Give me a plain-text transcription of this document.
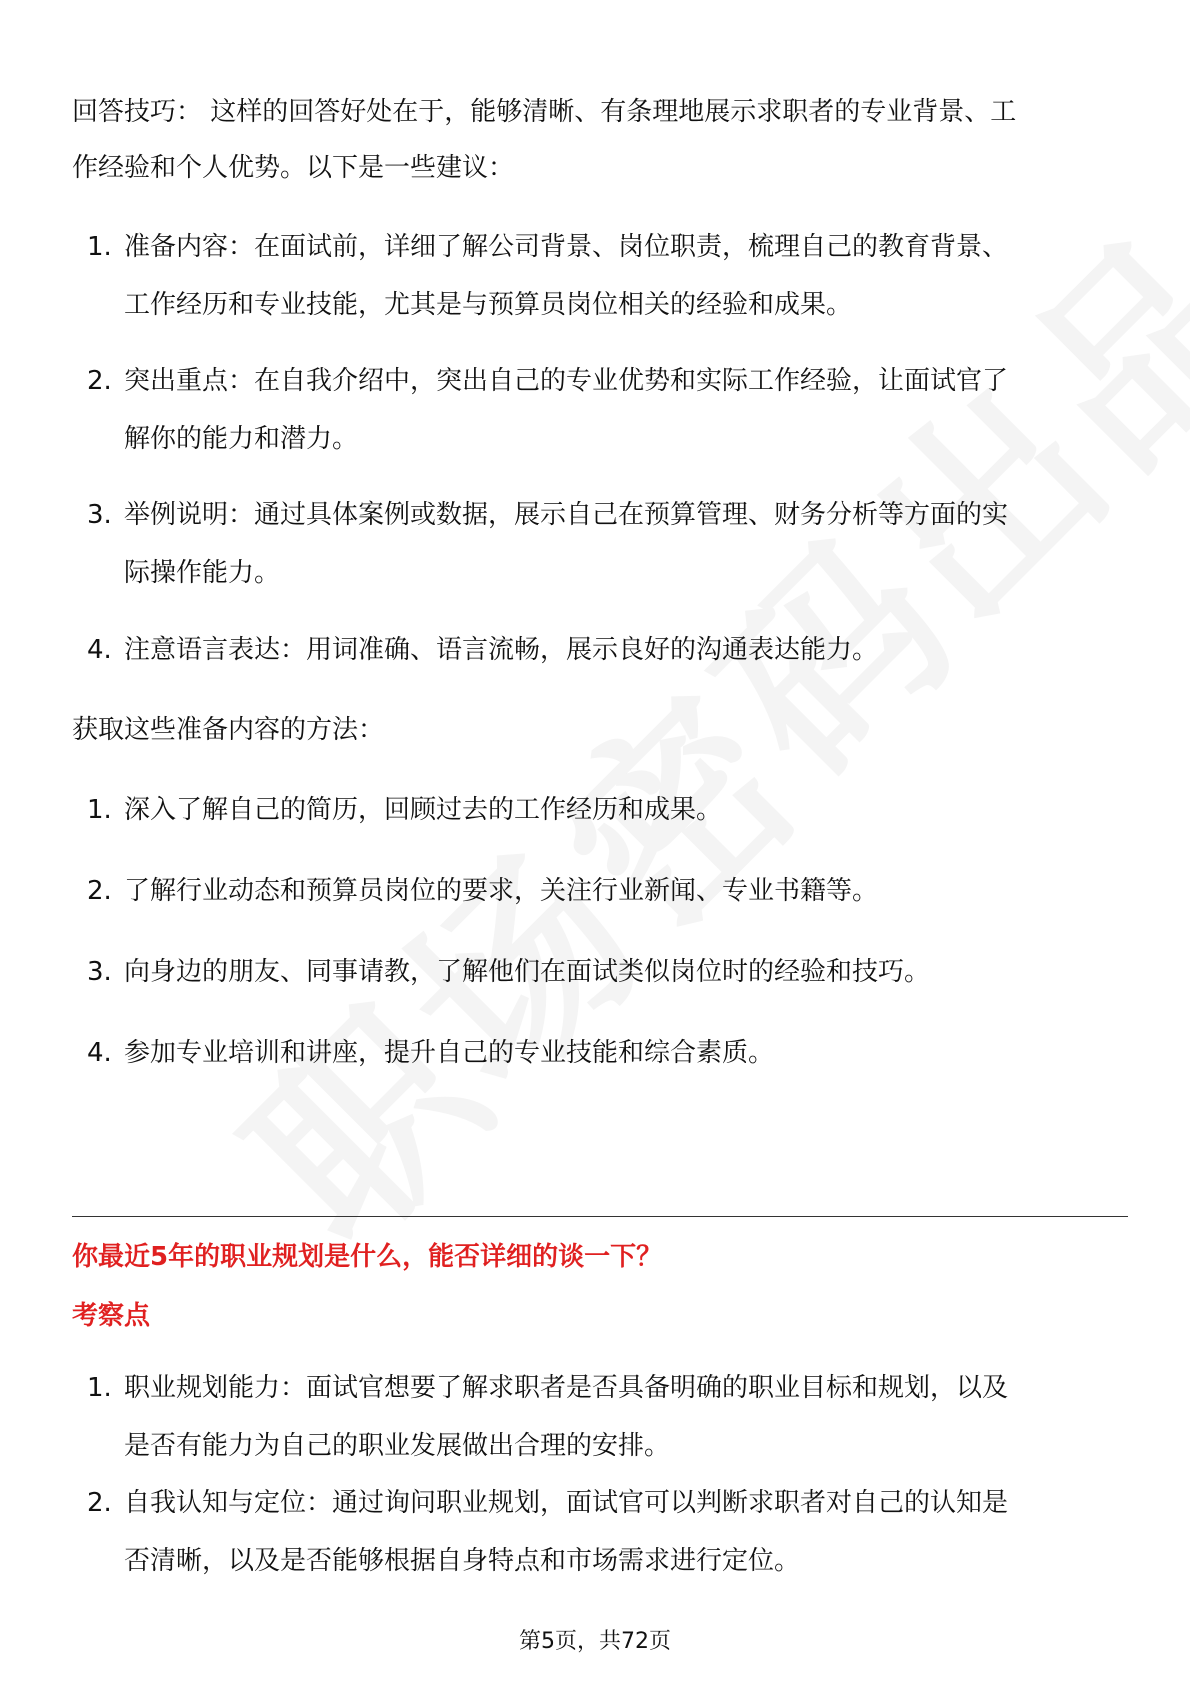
回答技巧： 这样的回答好处在于，能够清晰、有条理地展示求职者的专业背景、工
作经验和个人优势。以下是一些建议：

1. 准备内容：在面试前，详细了解公司背景、岗位职责，梳理自己的教育背景、
工作经历和专业技能，尤其是与预算员岗位相关的经验和成果。
2. 突出重点：在自我介绍中，突出自己的专业优势和实际工作经验，让面试官了
解你的能力和潜力。
3. 举例说明：通过具体案例或数据，展示自己在预算管理、财务分析等方面的实
际操作能力。
4. 注意语言表达：用词准确、语言流畅，展示良好的沟通表达能力。

获取这些准备内容的方法：

1. 深入了解自己的简历，回顾过去的工作经历和成果。
2. 了解行业动态和预算员岗位的要求，关注行业新闻、专业书籍等。
3. 向身边的朋友、同事请教，了解他们在面试类似岗位时的经验和技巧。
4. 参加专业培训和讲座，提升自己的专业技能和综合素质。
你最近5年的职业规划是什么，能否详细的谈一下？
考察点
1. 职业规划能力：面试官想要了解求职者是否具备明确的职业目标和规划，以及
是否有能力为自己的职业发展做出合理的安排。
2. 自我认知与定位：通过询问职业规划，面试官可以判断求职者对自己的认知是
否清晰，以及是否能够根据自身特点和市场需求进行定位。
第5页，共72页
